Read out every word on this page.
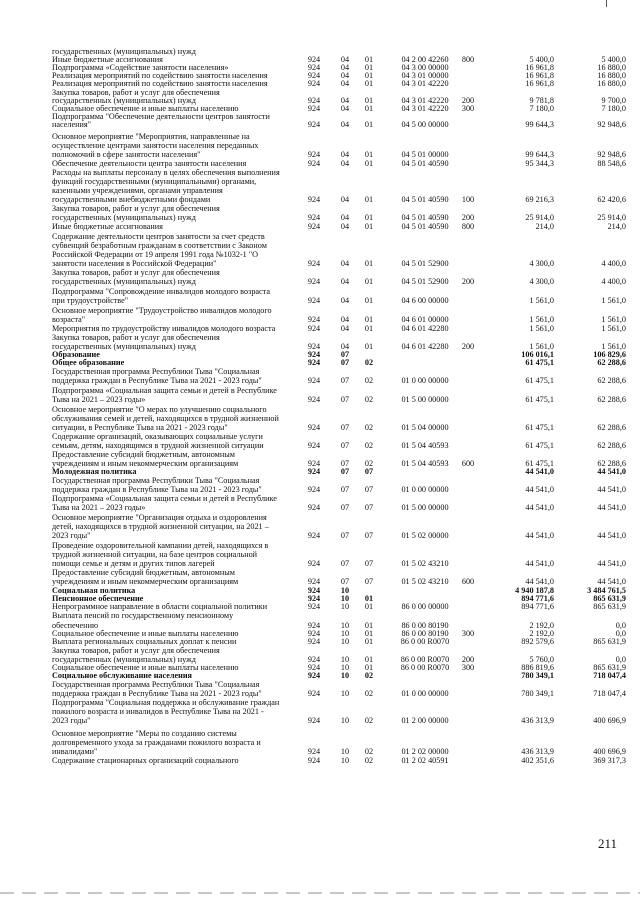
государственных (муниципальных) нужд
Иные бюджетные ассигнования	924	04	01	04 2 00 42260	800	5 400,0	5 400,0
Подпрограмма «Содействие занятости населения»	924	04	01	04 3 00 00000	16 961,8	16 880,0
Реализация мероприятий по содействию занятости населения	924	04	01	04 3 01 00000	16 961,8	16 880,0
Реализация мероприятий по содействию занятости населения	924	04	01	04 3 01 42220	16 961,8	16 880,0
Закупка товаров, работ и услуг для обеспечения
государственных (муниципальных) нужд	924	04	01	04 3 01 42220	200	9 781,8	9 700,0
Социальное обеспечение и иные выплаты населению	924	04	01	04 3 01 42220	300	7 180,0	7 180,0
Подпрограмма "Обеспечение деятельности центров занятости
населения"	924	04	01	04 5 00 00000	99 644,3	92 948,6
Основное мероприятие "Мероприятия, направленные на
осуществление центрами занятости населения переданных
полномочий в сфере занятости населения"	924	04	01	04 5 01 00000	99 644,3	92 948,6
Обеспечение деятельности центра занятости населения	924	04	01	04 5 01 40590	95 344,3	88 548,6
Расходы на выплаты персоналу в целях обеспечения выполнения
функций государственными (муниципальными) органами,
казенными учреждениями, органами управления
государственными внебюджетными фондами	924	04	01	04 5 01 40590	100	69 216,3	62 420,6
Закупка товаров, работ и услуг для обеспечения
государственных (муниципальных) нужд	924	04	01	04 5 01 40590	200	25 914,0	25 914,0
Иные бюджетные ассигнования	924	04	01	04 5 01 40590	800	214,0	214,0
Содержание деятельности центров занятости за счет средств
субвенций безработным гражданам в соответствии с Законом
Российской Федерации от 19 апреля 1991 года №1032-1 "О
занятости населения в Российской Федерации"	924	04	01	04 5 01 52900	4 300,0	4 400,0
Закупка товаров, работ и услуг для обеспечения
государственных (муниципальных) нужд	924	04	01	04 5 01 52900	200	4 300,0	4 400,0
Подпрограмма "Сопровождение инвалидов молодого возраста
при трудоустройстве"	924	04	01	04 6 00 00000	1 561,0	1 561,0
Основное мероприятие "Трудоустройство инвалидов молодого
возраста"	924	04	01	04 6 01 00000	1 561,0	1 561,0
Мероприятия по трудоустройству инвалидов молодого возраста	924	04	01	04 6 01 42280	1 561,0	1 561,0
Закупка товаров, работ и услуг для обеспечения
государственных (муниципальных) нужд	924	04	01	04 6 01 42280	200	1 561,0	1 561,0
Образование	924	07	106 016,1	106 829,6
Общее образование	924	07	02	61 475,1	62 288,6
Государственная программа Республики Тыва "Социальная
поддержка граждан в Республике Тыва на 2021 - 2023 годы"	924	07	02	01 0 00 00000	61 475,1	62 288,6
Подпрограмма «Социальная защита семьи и детей в Республике
Тыва на 2021 – 2023 годы»	924	07	02	01 5 00 00000	61 475,1	62 288,6
Основное мероприятие "О мерах по улучшению социального
обслуживания семей и детей, находящихся в трудной жизненной
ситуации, в Республике Тыва на 2021 - 2023 годы"	924	07	02	01 5 04 00000	61 475,1	62 288,6
Содержание организаций, оказывающих социальные услуги
семьям, детям, находящимся в трудной жизненной ситуации	924	07	02	01 5 04 40593	61 475,1	62 288,6
Предоставление субсидий бюджетным, автономным
учреждениям и иным некоммерческим организациям	924	07	02	01 5 04 40593	600	61 475,1	62 288,6
Молодежная политика	924	07	07	44 541,0	44 541,0
Государственная программа Республики Тыва "Социальная
поддержка граждан в Республике Тыва на 2021 - 2023 годы"	924	07	07	01 0 00 00000	44 541,0	44 541,0
Подпрограмма «Социальная защита семьи и детей в Республике
Тыва на 2021 – 2023 годы»	924	07	07	01 5 00 00000	44 541,0	44 541,0
Основное мероприятие "Организация отдыха и оздоровления
детей, находящихся в трудной жизненной ситуации, на 2021 –
2023 годы"	924	07	07	01 5 02 00000	44 541,0	44 541,0
Проведение оздоровительной кампании детей, находящихся в
трудной жизненной ситуации, на базе центров социальной
помощи семье и детям и других типов лагерей	924	07	07	01 5 02 43210	44 541,0	44 541,0
Предоставление субсидий бюджетным, автономным
учреждениям и иным некоммерческим организациям	924	07	07	01 5 02 43210	600	44 541,0	44 541,0
Социальная политика	924	10	4 940 187,8	3 484 761,5
Пенсионное обеспечение	924	10	01	894 771,6	865 631,9
Непрограммное направление в области социальной политики	924	10	01	86 0 00 00000	894 771,6	865 631,9
Выплата пенсий по государственному пенсионному
обеспечению	924	10	01	86 0 00 80190	2 192,0	0,0
Социальное обеспечение и иные выплаты населению	924	10	01	86 0 00 80190	300	2 192,0	0,0
Выплата региональных социальных доплат к пенсии	924	10	01	86 0 00 R0070	892 579,6	865 631,9
Закупка товаров, работ и услуг для обеспечения
государственных (муниципальных) нужд	924	10	01	86 0 00 R0070	200	5 760,0	0,0
Социальное обеспечение и иные выплаты населению	924	10	01	86 0 00 R0070	300	886 819,6	865 631,9
Социальное обслуживание населения	924	10	02	780 349,1	718 047,4
Государственная программа Республики Тыва "Социальная
поддержка граждан в Республике Тыва на 2021 - 2023 годы"	924	10	02	01 0 00 00000	780 349,1	718 047,4
Подпрограмма "Социальная поддержка и обслуживание граждан
пожилого возраста и инвалидов в Республике Тыва на 2021 -
2023 годы"	924	10	02	01 2 00 00000	436 313,9	400 696,9
Основное мероприятие "Меры по созданию системы
долговременного ухода за гражданами пожилого возраста и
инвалидами"	924	10	02	01 2 02 00000	436 313,9	400 696,9
Содержание стационарных организаций социального	924	10	02	01 2 02 40591	402 351,6	369 317,3
211
